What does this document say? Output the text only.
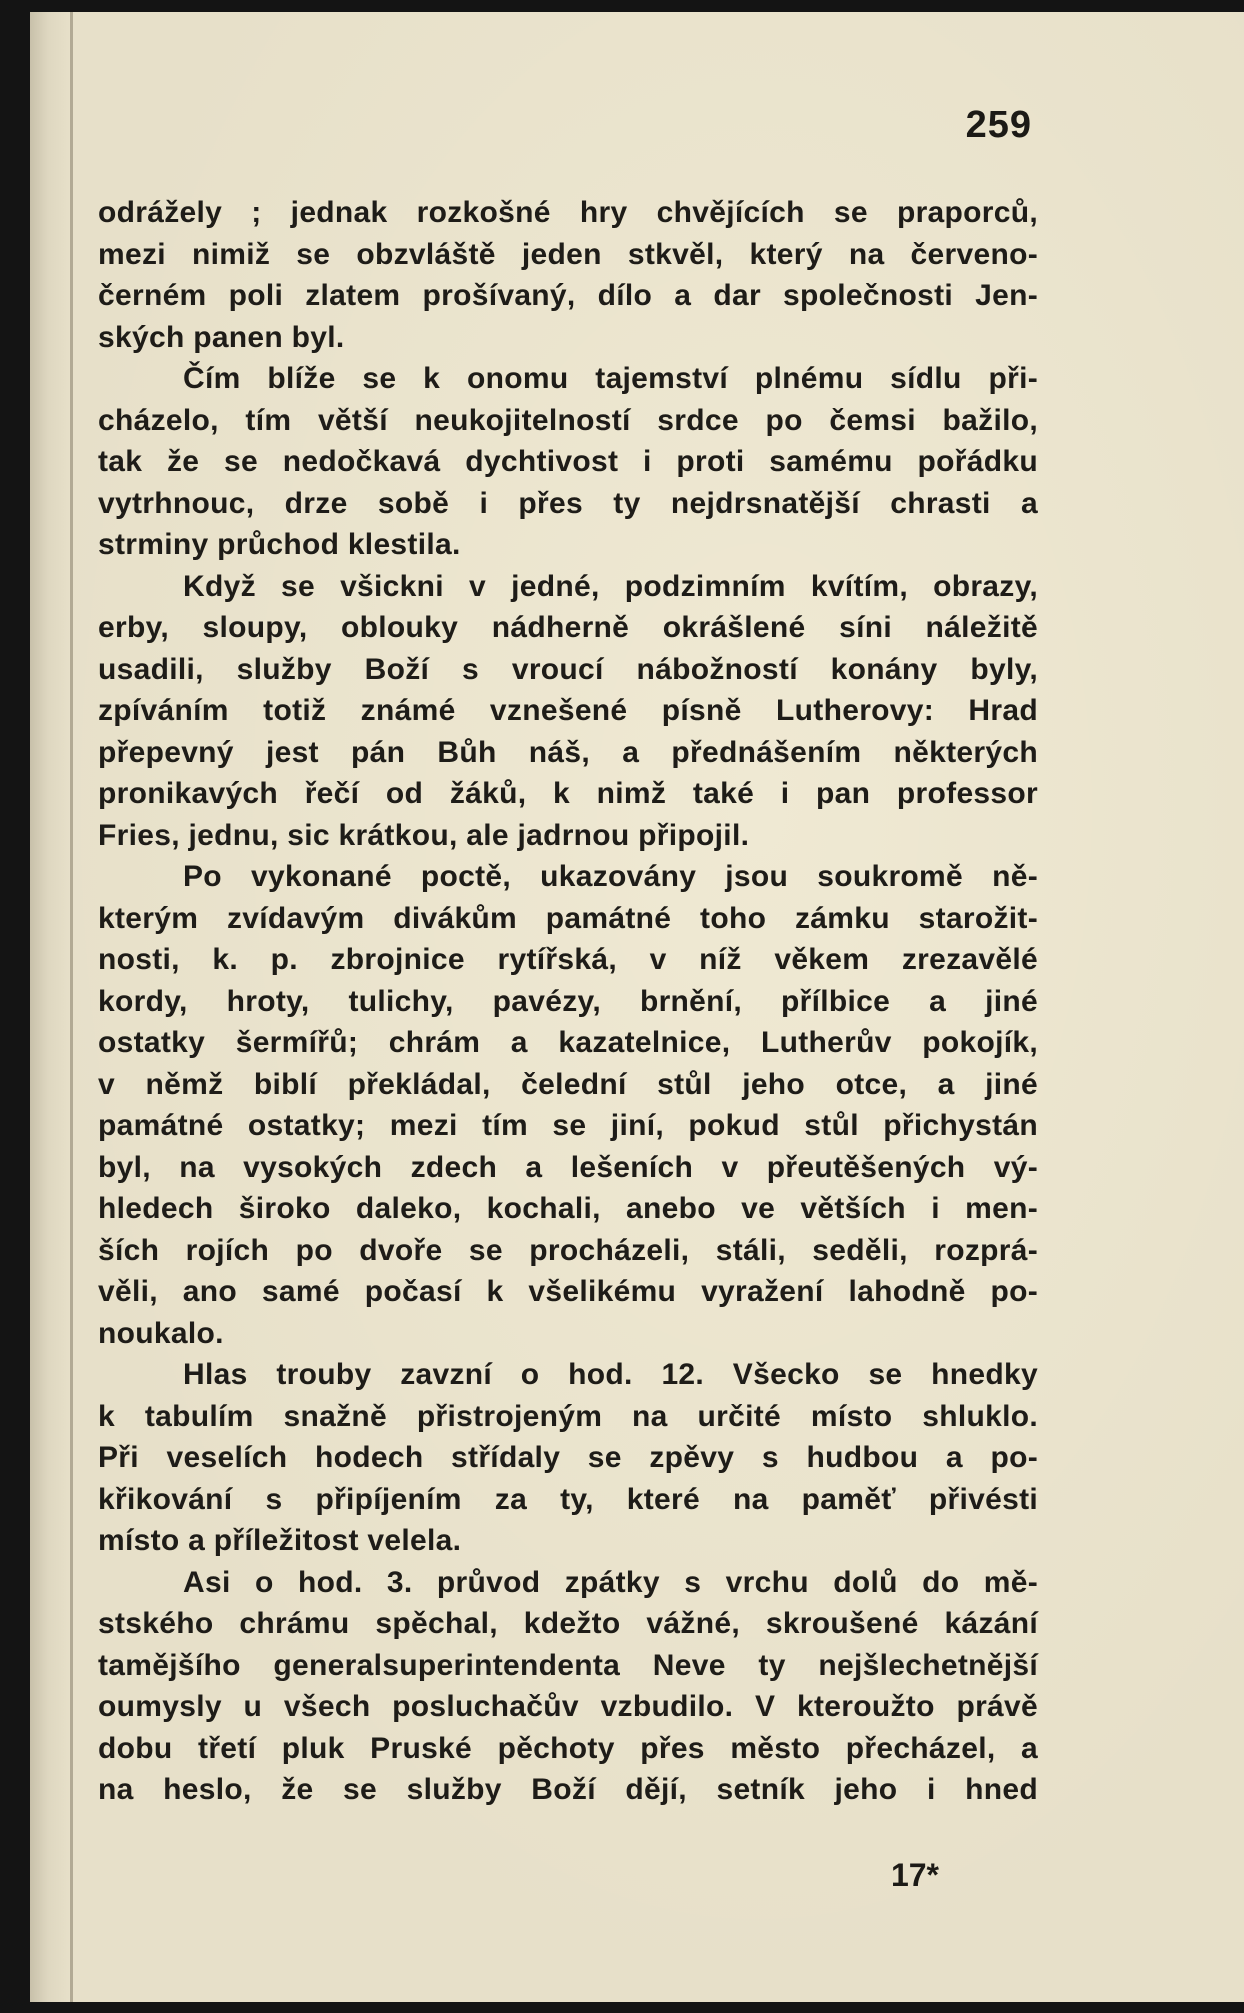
259
odrážely ; jednak rozkošné hry chvějících se praporců,
mezi nimiž se obzvláště jeden stkvěl, který na červeno-
černém poli zlatem prošívaný, dílo a dar společnosti Jen-
ských panen byl.
Čím blíže se k onomu tajemství plnému sídlu při-
cházelo, tím větší neukojitelností srdce po čemsi bažilo,
tak že se nedočkavá dychtivost i proti samému pořádku
vytrhnouc, drze sobě i přes ty nejdrsnatější chrasti a
strminy průchod klestila.
Když se všickni v jedné, podzimním kvítím, obrazy,
erby, sloupy, oblouky nádherně okrášlené síni náležitě
usadili, služby Boží s vroucí nábožností konány byly,
zpíváním totiž známé vznešené písně Lutherovy: Hrad
přepevný jest pán Bůh náš, a přednášením některých
pronikavých řečí od žáků, k nimž také i pan professor
Fries, jednu, sic krátkou, ale jadrnou připojil.
Po vykonané poctě, ukazovány jsou soukromě ně-
kterým zvídavým divákům památné toho zámku starožit-
nosti, k. p. zbrojnice rytířská, v níž věkem zrezavělé
kordy, hroty, tulichy, pavézy, brnění, přílbice a jiné
ostatky šermířů; chrám a kazatelnice, Lutherův pokojík,
v němž biblí překládal, čelední stůl jeho otce, a jiné
památné ostatky; mezi tím se jiní, pokud stůl přichystán
byl, na vysokých zdech a lešeních v přeutěšených vý-
hledech široko daleko, kochali, anebo ve větších i men-
ších rojích po dvoře se procházeli, stáli, seděli, rozprá-
věli, ano samé počasí k všelikému vyražení lahodně po-
noukalo.
Hlas trouby zavzní o hod. 12. Všecko se hnedky
k tabulím snažně přistrojeným na určité místo shluklo.
Při veselích hodech střídaly se zpěvy s hudbou a po-
křikování s připíjením za ty, které na paměť přivésti
místo a příležitost velela.
Asi o hod. 3. průvod zpátky s vrchu dolů do mě-
stského chrámu spěchal, kdežto vážné, skroušené kázání
tamějšího generalsuperintendenta Neve ty nejšlechetnější
oumysly u všech posluchačův vzbudilo. V kteroužto právě
dobu třetí pluk Pruské pěchoty přes město přecházel, a
na heslo, že se služby Boží dějí, setník jeho i hned
17*
